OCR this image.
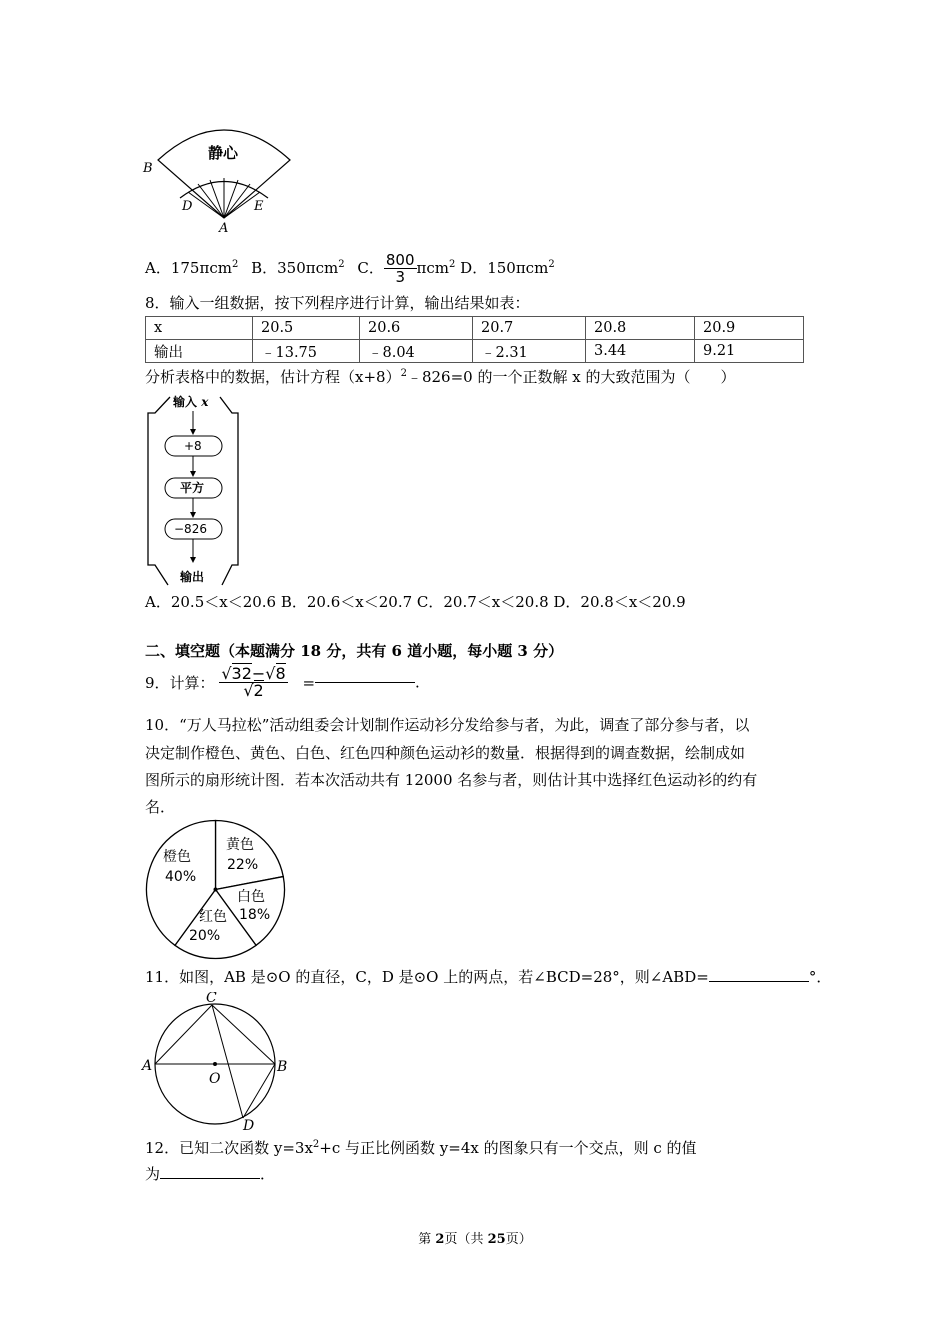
静心
B
D
A
E
A．175πcm$^2$ B．350πcm$^2$ C． $\frac{800}{3} \pi cm^2$ D．150πcm$^2$
8．输入一组数据，按下列程序进行计算，输出结果如表：
x	20.5	20.6	20.7	20.8	20.9
输出	﹣13.75	﹣8.04	﹣2.31	3.44	9.21
分析表格中的数据，估计方程$(x+8)^2﹣826=0$ 的一个正数解 x 的大致范围为（　　）
输入 x
+8
平方
−826
输出
A．20.5＜x＜20.6 B．20.6＜x＜20.7 C．20.7＜x＜20.8 D．20.8＜x＜20.9
二、填空题（本题满分 18 分，共有 6 道小题，每小题 3 分）
9．计算： $\frac{√32-√8}{√2}$ =	.
10．“万人马拉松”活动组委会计划制作运动衫分发给参与者，为此，调查了部分参与者，以
决定制作橙色、黄色、白色、红色四种颜色运动衫的数量．根据得到的调查数据，绘制成如
图所示的扇形统计图．若本次活动共有 12000 名参与者，则估计其中选择红色运动衫的约有
名．
橙色
40%
黄色
22%
白色
18%
红色
20%
11．如图，AB 是⊙O 的直径，C，D 是⊙O 上的两点，若∠BCD=28°，则∠ABD=	°．
C
A
O
B
D
12．已知二次函数 $y=3x^2+c$ 与正比例函数 y=4x 的图象只有一个交点，则 c 的值
为	．
第 2页（共 25页）
